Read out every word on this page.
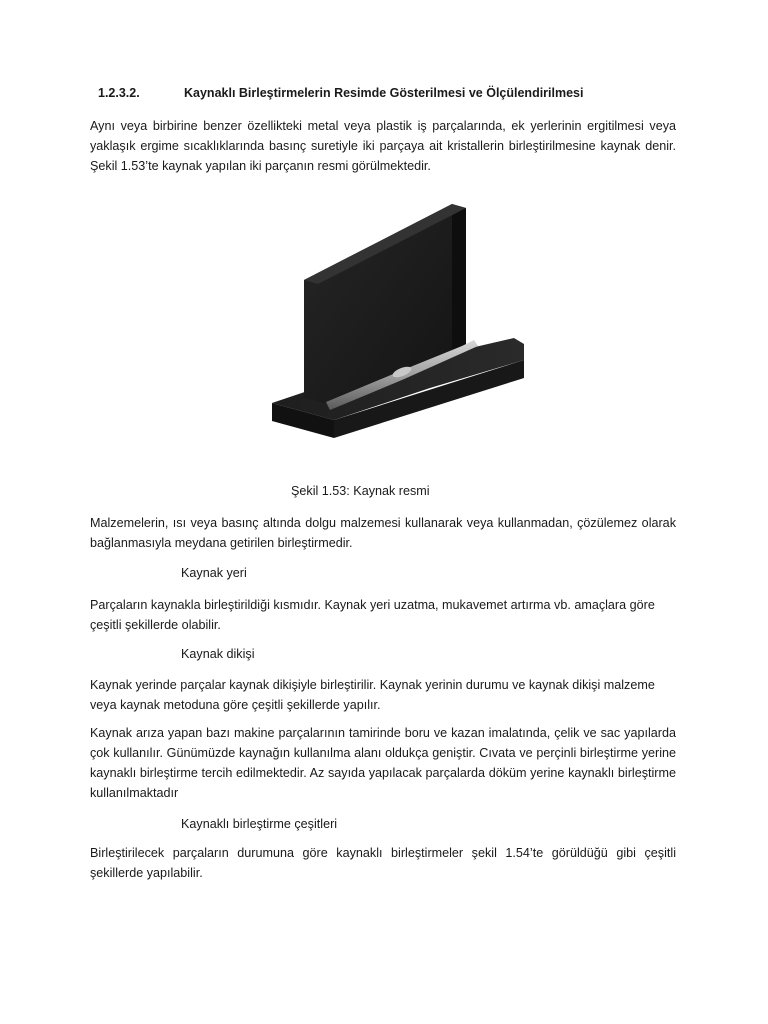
1.2.3.2.	Kaynaklı Birleştirmelerin Resimde Gösterilmesi ve Ölçülendirilmesi

Aynı veya birbirine benzer özellikteki metal veya plastik iş parçalarında, ek yerlerinin ergitilmesi veya yaklaşık ergime sıcaklıklarında basınç suretiyle iki parçaya ait kristallerin birleştirilmesine kaynak denir. Şekil 1.53’te kaynak yapılan iki parçanın resmi görülmektedir.

Şekil 1.53: Kaynak resmi

Malzemelerin, ısı veya basınç altında dolgu malzemesi kullanarak veya kullanmadan, çözülemez olarak bağlanmasıyla meydana getirilen birleştirmedir.

Kaynak yeri

Parçaların kaynakla birleştirildiği kısmıdır. Kaynak yeri uzatma, mukavemet artırma vb. amaçlara göre çeşitli şekillerde olabilir.

Kaynak dikişi

Kaynak yerinde parçalar kaynak dikişiyle birleştirilir. Kaynak yerinin durumu ve kaynak dikişi malzeme veya kaynak metoduna göre çeşitli şekillerde yapılır.

Kaynak arıza yapan bazı makine parçalarının tamirinde boru ve kazan imalatında, çelik ve sac yapılarda çok kullanılır. Günümüzde kaynağın kullanılma alanı oldukça geniştir. Cıvata ve perçinli birleştirme yerine kaynaklı birleştirme tercih edilmektedir. Az sayıda yapılacak parçalarda döküm yerine kaynaklı birleştirme kullanılmaktadır

Kaynaklı birleştirme çeşitleri

Birleştirilecek parçaların durumuna göre kaynaklı birleştirmeler şekil 1.54’te görüldüğü gibi çeşitli şekillerde yapılabilir.
